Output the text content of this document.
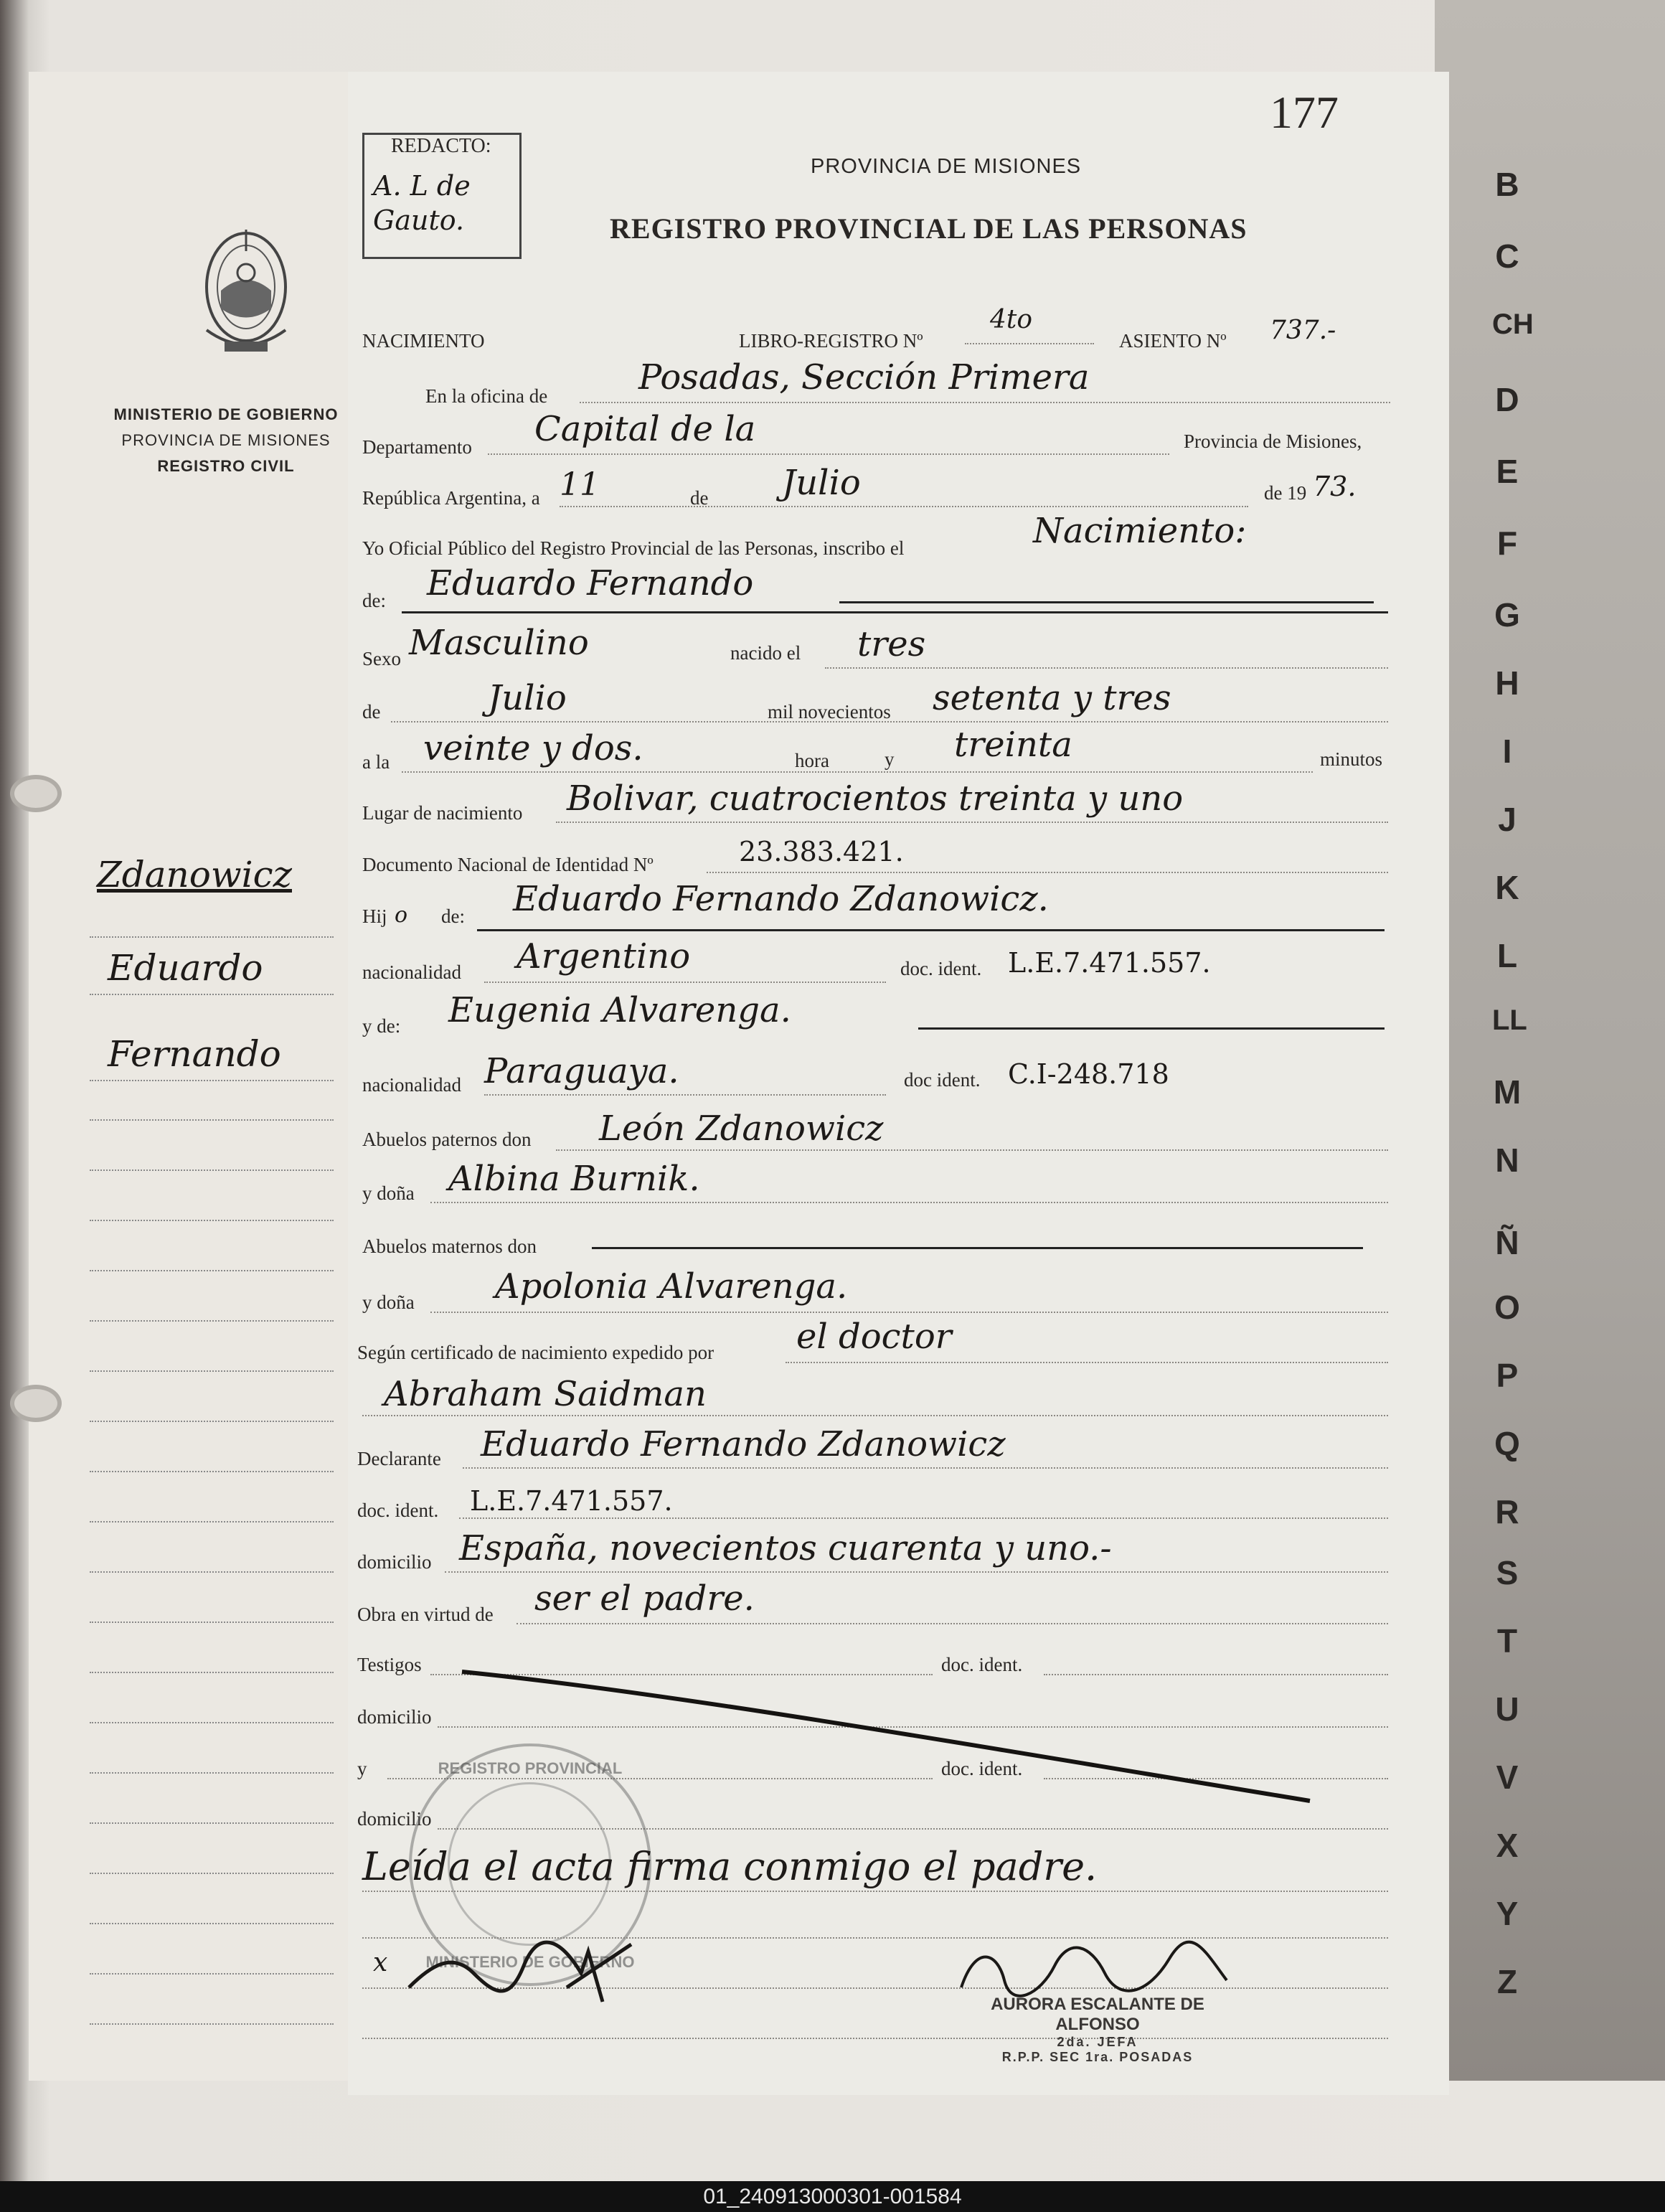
MINISTERIO DE GOBIERNO
PROVINCIA DE MISIONES
REGISTRO CIVIL
Zdanowicz
Eduardo
Fernando
177
REDACTO:
A. L de Gauto.
PROVINCIA DE MISIONES
REGISTRO PROVINCIAL DE LAS PERSONAS
NACIMIENTO	LIBRO-REGISTRO Nº
4to
ASIENTO Nº 737.-
En la oficina de	Posadas, Sección Primera
Departamento Capital de la	Provincia de Misiones,
República Argentina, a 11	de Julio	de 19 73.
Yo Oficial Público del Registro Provincial de las Personas, inscribo el	Nacimiento:
de: Eduardo Fernando
Sexo Masculino	nacido el tres
de	Julio	mil novecientos setenta y tres
a la veinte y dos.	hora	y treinta	minutos
Lugar de nacimiento Bolivar, cuatrocientos treinta y uno
Documento Nacional de Identidad Nº	23.383.421.
Hij o de: Eduardo Fernando Zdanowicz.
nacionalidad Argentino	doc. ident. L.E.7.471.557.
y de: Eugenia Alvarenga.
nacionalidad Paraguaya.	doc ident. C.I-248.718
Abuelos paternos don León Zdanowicz
y doña Albina Burnik.
Abuelos maternos don
y doña Apolonia Alvarenga.
Según certificado de nacimiento expedido por el doctor
Abraham Saidman
Declarante Eduardo Fernando Zdanowicz
doc. ident. L.E.7.471.557.
domicilio España, novecientos cuarenta y uno.-
Obra en virtud de ser el padre.
Testigos	doc. ident.
domicilio
y	doc. ident.
domicilio
REGISTRO PROVINCIAL
MINISTERIO DE GOBIERNO
Leída el acta firma conmigo el padre.
x
AURORA ESCALANTE DE ALFONSO
2da. JEFA
R.P.P. SEC 1ra. POSADAS
B
C
CH
D
E
F
G
H
I
J
K
L
LL
M
N
Ñ
O
P
Q
R
S
T
U
V
X
Y
Z
01_240913000301-001584
